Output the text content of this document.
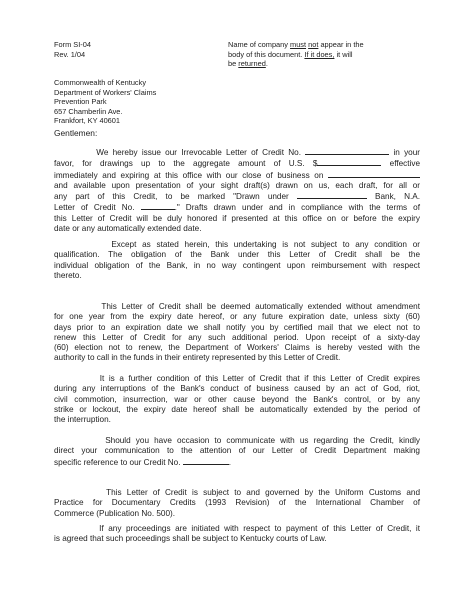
Form SI-04
Rev. 1/04
Name of company must not appear in the
body of this document. If it does, it will
be returned.
Commonwealth of Kentucky
Department of Workers' Claims
Prevention Park
657 Chamberlin Ave.
Frankfort, KY 40601
Gentlemen:
We hereby issue our Irrevocable Letter of Credit No.	in your
favor, for drawings up to the aggregate amount of U.S. $	effective
immediately and expiring at this office with our close of business on
and available upon presentation of your sight draft(s) drawn on us, each draft, for all or
any part of this Credit, to be marked "Drawn under	Bank, N.A.
Letter of Credit No.	." Drafts drawn under and in compliance with the terms of
this Letter of Credit will be duly honored if presented at this office on or before the expiry
date or any automatically extended date.
Except as stated herein, this undertaking is not subject to any condition or
qualification. The obligation of the Bank under this Letter of Credit shall be the
individual obligation of the Bank, in no way contingent upon reimbursement with respect
thereto.
This Letter of Credit shall be deemed automatically extended without amendment
for one year from the expiry date hereof, or any future expiration date, unless sixty (60)
days prior to an expiration date we shall notify you by certified mail that we elect not to
renew this Letter of Credit for any such additional period. Upon receipt of a sixty-day
(60) election not to renew, the Department of Workers' Claims is hereby vested with the
authority to call in the funds in their entirety represented by this Letter of Credit.
It is a further condition of this Letter of Credit that if this Letter of Credit expires
during any interruptions of the Bank's conduct of business caused by an act of God, riot,
civil commotion, insurrection, war or other cause beyond the Bank's control, or by any
strike or lockout, the expiry date hereof shall be automatically extended by the period of
the interruption.
Should you have occasion to communicate with us regarding the Credit, kindly
direct your communication to the attention of our Letter of Credit Department making
specific reference to our Credit No.	.
This Letter of Credit is subject to and governed by the Uniform Customs and
Practice for Documentary Credits (1993 Revision) of the International Chamber of
Commerce (Publication No. 500).
If any proceedings are initiated with respect to payment of this Letter of Credit, it
is agreed that such proceedings shall be subject to Kentucky courts of Law.
